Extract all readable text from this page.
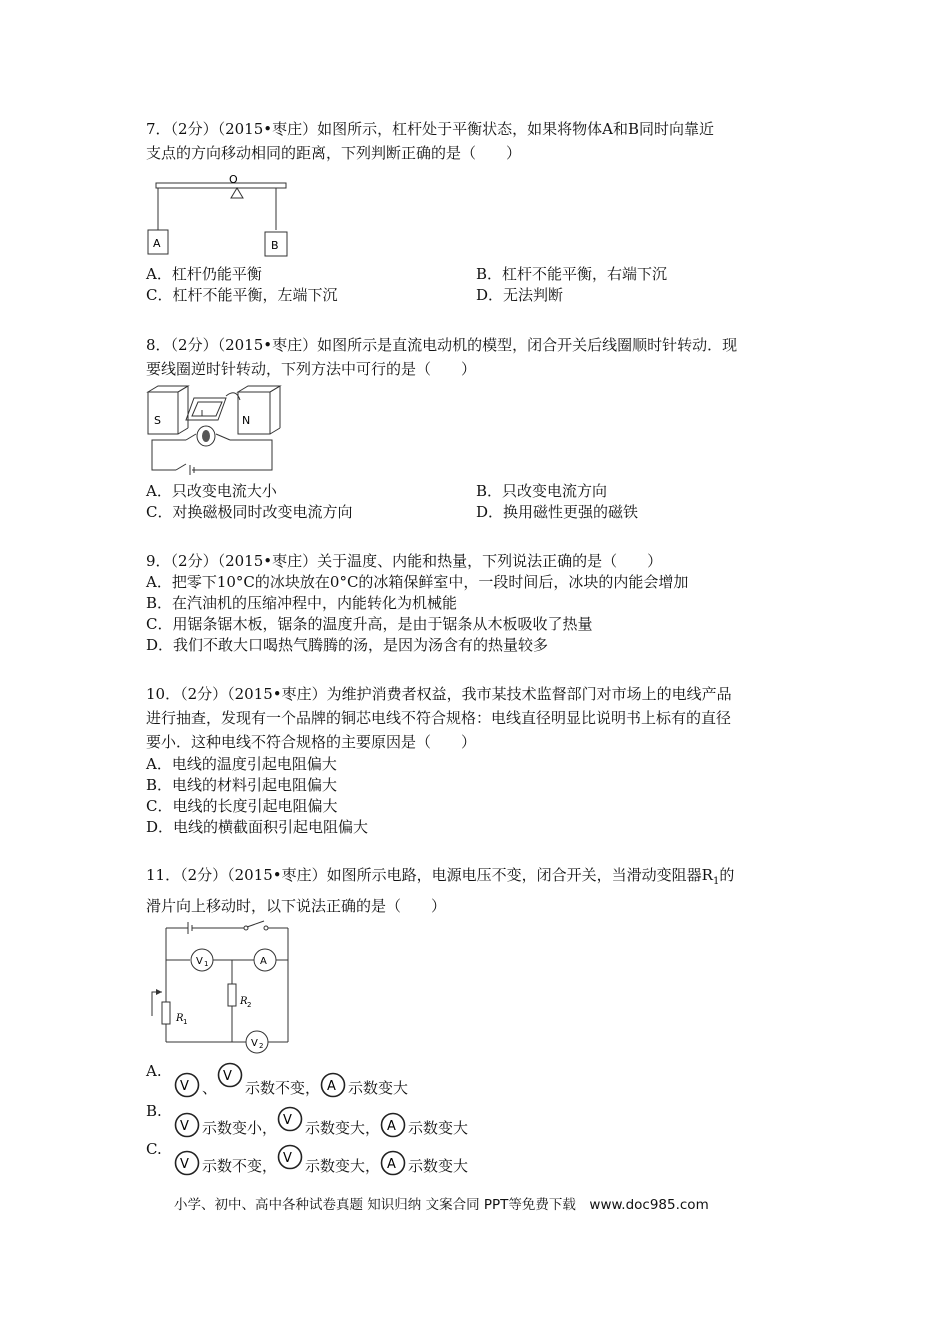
7．（2分）（2015•枣庄）如图所示，杠杆处于平衡状态，如果将物体A和B同时向靠近

支点的方向移动相同的距离，下列判断正确的是（　　）

O
A	B
A．杠杆仍能平衡	B．杠杆不能平衡，右端下沉
C．杠杆不能平衡，左端下沉	D．无法判断

8．（2分）（2015•枣庄）如图所示是直流电动机的模型，闭合开关后线圈顺时针转动．现

要线圈逆时针转动，下列方法中可行的是（　　）

S	N
A．只改变电流大小	B．只改变电流方向
C．对换磁极同时改变电流方向	D．换用磁性更强的磁铁

9．（2分）（2015•枣庄）关于温度、内能和热量，下列说法正确的是（　　）

A．把零下10°C的冰块放在0°C的冰箱保鲜室中，一段时间后，冰块的内能会增加
B．在汽油机的压缩冲程中，内能转化为机械能
C．用锯条锯木板，锯条的温度升高，是由于锯条从木板吸收了热量
D．我们不敢大口喝热气腾腾的汤，是因为汤含有的热量较多

10．（2分）（2015•枣庄）为维护消费者权益，我市某技术监督部门对市场上的电线产品

进行抽查，发现有一个品牌的铜芯电线不符合规格：电线直径明显比说明书上标有的直径

要小．这种电线不符合规格的主要原因是（　　）

A．电线的温度引起电阻偏大
B．电线的材料引起电阻偏大
C．电线的长度引起电阻偏大
D．电线的横截面积引起电阻偏大

11．（2分）（2015•枣庄）如图所示电路，电源电压不变，闭合开关，当滑动变阻器$R_1$的

滑片向上移动时，以下说法正确的是（　　）

V 1	A
R 1
R 2
V 2
A.
V 、
V
示数不变， A 示数变大
B.
V 示数变小， V 示数变大， A 示数变大
C.
V 示数不变， V 示数变大， A 示数变大
小学、初中、高中各种试卷真题 知识归纳 文案合同 PPT等免费下载　www.doc985.com
